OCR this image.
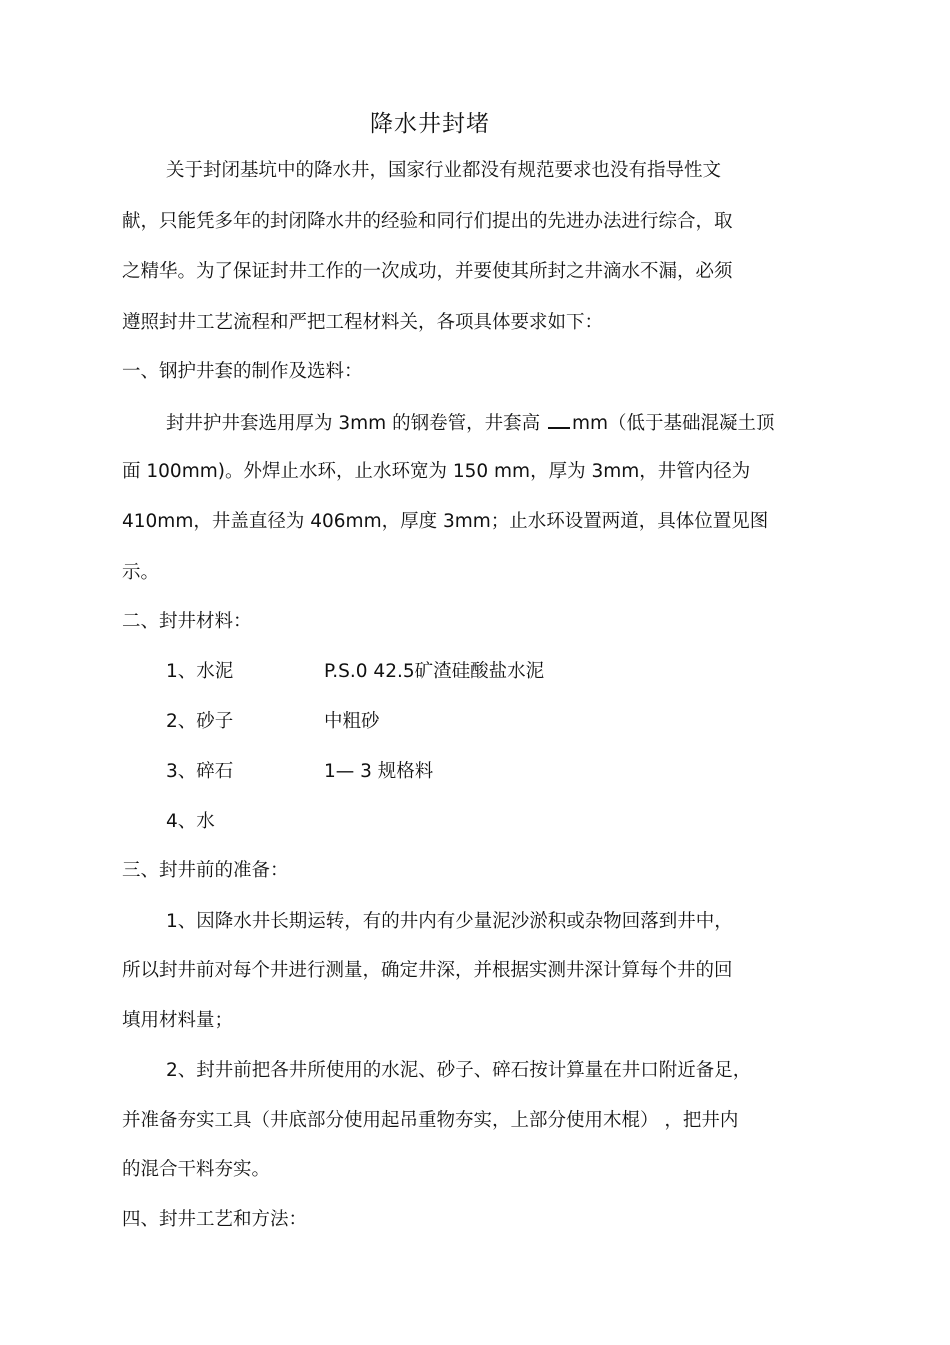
降水井封堵
关于封闭基坑中的降水井，国家行业都没有规范要求也没有指导性文
献，只能凭多年的封闭降水井的经验和同行们提出的先进办法进行综合，取
之精华。为了保证封井工作的一次成功，并要使其所封之井滴水不漏，必须
遵照封井工艺流程和严把工程材料关，各项具体要求如下：
一、钢护井套的制作及选料：
封井护井套选用厚为 3mm 的钢卷管，井套高 mm（低于基础混凝土顶
面 100mm)。外焊止水环，止水环宽为 150 mm，厚为 3mm，井管内径为
410mm，井盖直径为 406mm，厚度 3mm；止水环设置两道，具体位置见图
示。
二、封井材料：
1、水泥	P.S.0 42.5矿渣硅酸盐水泥
2、砂子	中粗砂
3、碎石	1— 3 规格料
4、水
三、封井前的准备：
1、因降水井长期运转，有的井内有少量泥沙淤积或杂物回落到井中，
所以封井前对每个井进行测量，确定井深，并根据实测井深计算每个井的回
填用材料量；
2、封井前把各井所使用的水泥、砂子、碎石按计算量在井口附近备足，
并准备夯实工具（井底部分使用起吊重物夯实，上部分使用木棍） ，把井内
的混合干料夯实。
四、封井工艺和方法：
